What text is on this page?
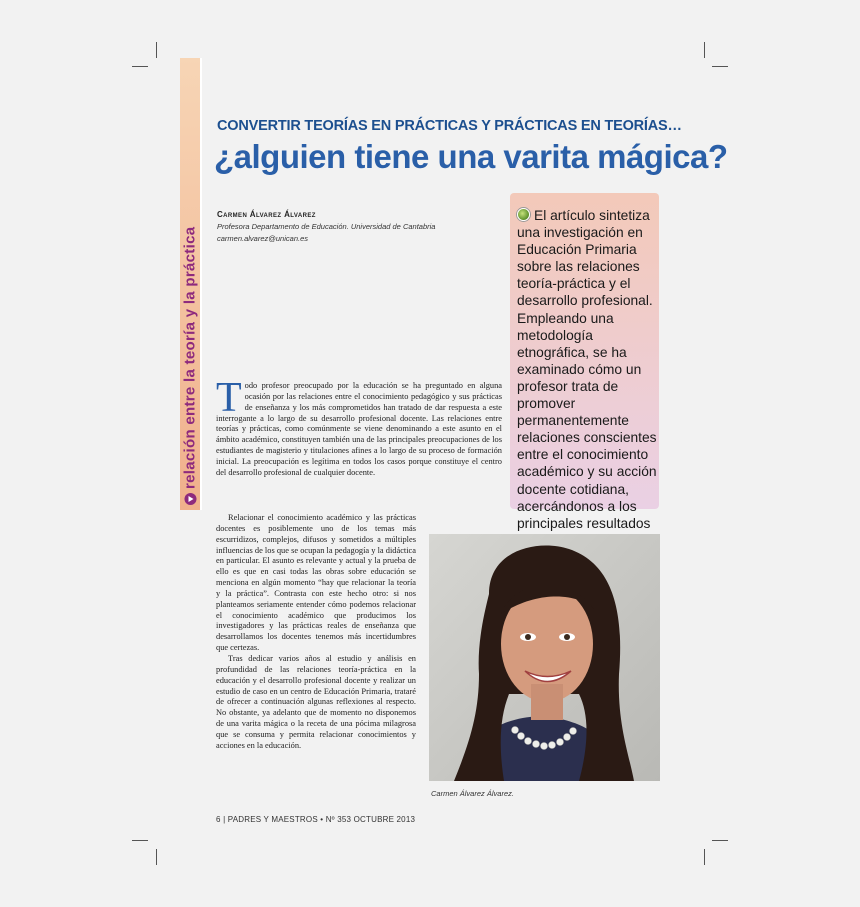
relación entre la teoría y la práctica
CONVERTIR TEORÍAS EN PRÁCTICAS Y PRÁCTICAS EN TEORÍAS…
¿alguien tiene una varita mágica?
Carmen Álvarez Álvarez
Profesora Departamento de Educación. Universidad de Cantabria
carmen.alvarez@unican.es
El artículo sintetiza una investigación en Educación Primaria sobre las relaciones teoría-práctica y el desarrollo profesional. Empleando una metodología etnográfica, se ha examinado cómo un profesor trata de promover permanentemente relaciones conscientes entre el conocimiento académico y su acción docente cotidiana, acercándonos a los principales resultados
Todo profesor preocupado por la educación se ha preguntado en alguna ocasión por las relaciones entre el conocimiento pedagógico y sus prácticas de enseñanza y los más comprometidos han tratado de dar respuesta a este interrogante a lo largo de su desarrollo profesional docente. Las relaciones entre teorías y prácticas, como comúnmente se viene denominando a este asunto en el ámbito académico, constituyen también una de las principales preocupaciones de los estudiantes de magisterio y titulaciones afines a lo largo de su proceso de formación inicial. La preocupación es legítima en todos los casos porque constituye el centro del desarrollo profesional de cualquier docente.

Relacionar el conocimiento académico y las prácticas docentes es posiblemente uno de los temas más escurridizos, complejos, difusos y sometidos a múltiples influencias de los que se ocupan la pedagogía y la didáctica en particular. El asunto es relevante y actual y la prueba de ello es que en casi todas las obras sobre educación se menciona en algún momento “hay que relacionar la teoría y la práctica”. Contrasta con este hecho otro: si nos planteamos seriamente entender cómo podemos relacionar el conocimiento académico que producimos los investigadores y las prácticas reales de enseñanza que desarrollamos los docentes tenemos más incertidumbres que certezas.

Tras dedicar varios años al estudio y análisis en profundidad de las relaciones teoría-práctica en la educación y el desarrollo profesional docente y realizar un estudio de caso en un centro de Educación Primaria, trataré de ofrecer a continuación algunas reflexiones al respecto. No obstante, ya adelanto que de momento no disponemos de una varita mágica o la receta de una pócima milagrosa que se consuma y permita relacionar conocimientos y acciones en la educación.

Carmen Álvarez Álvarez.
6 | PADRES Y MAESTROS • Nº 353 OCTUBRE 2013
